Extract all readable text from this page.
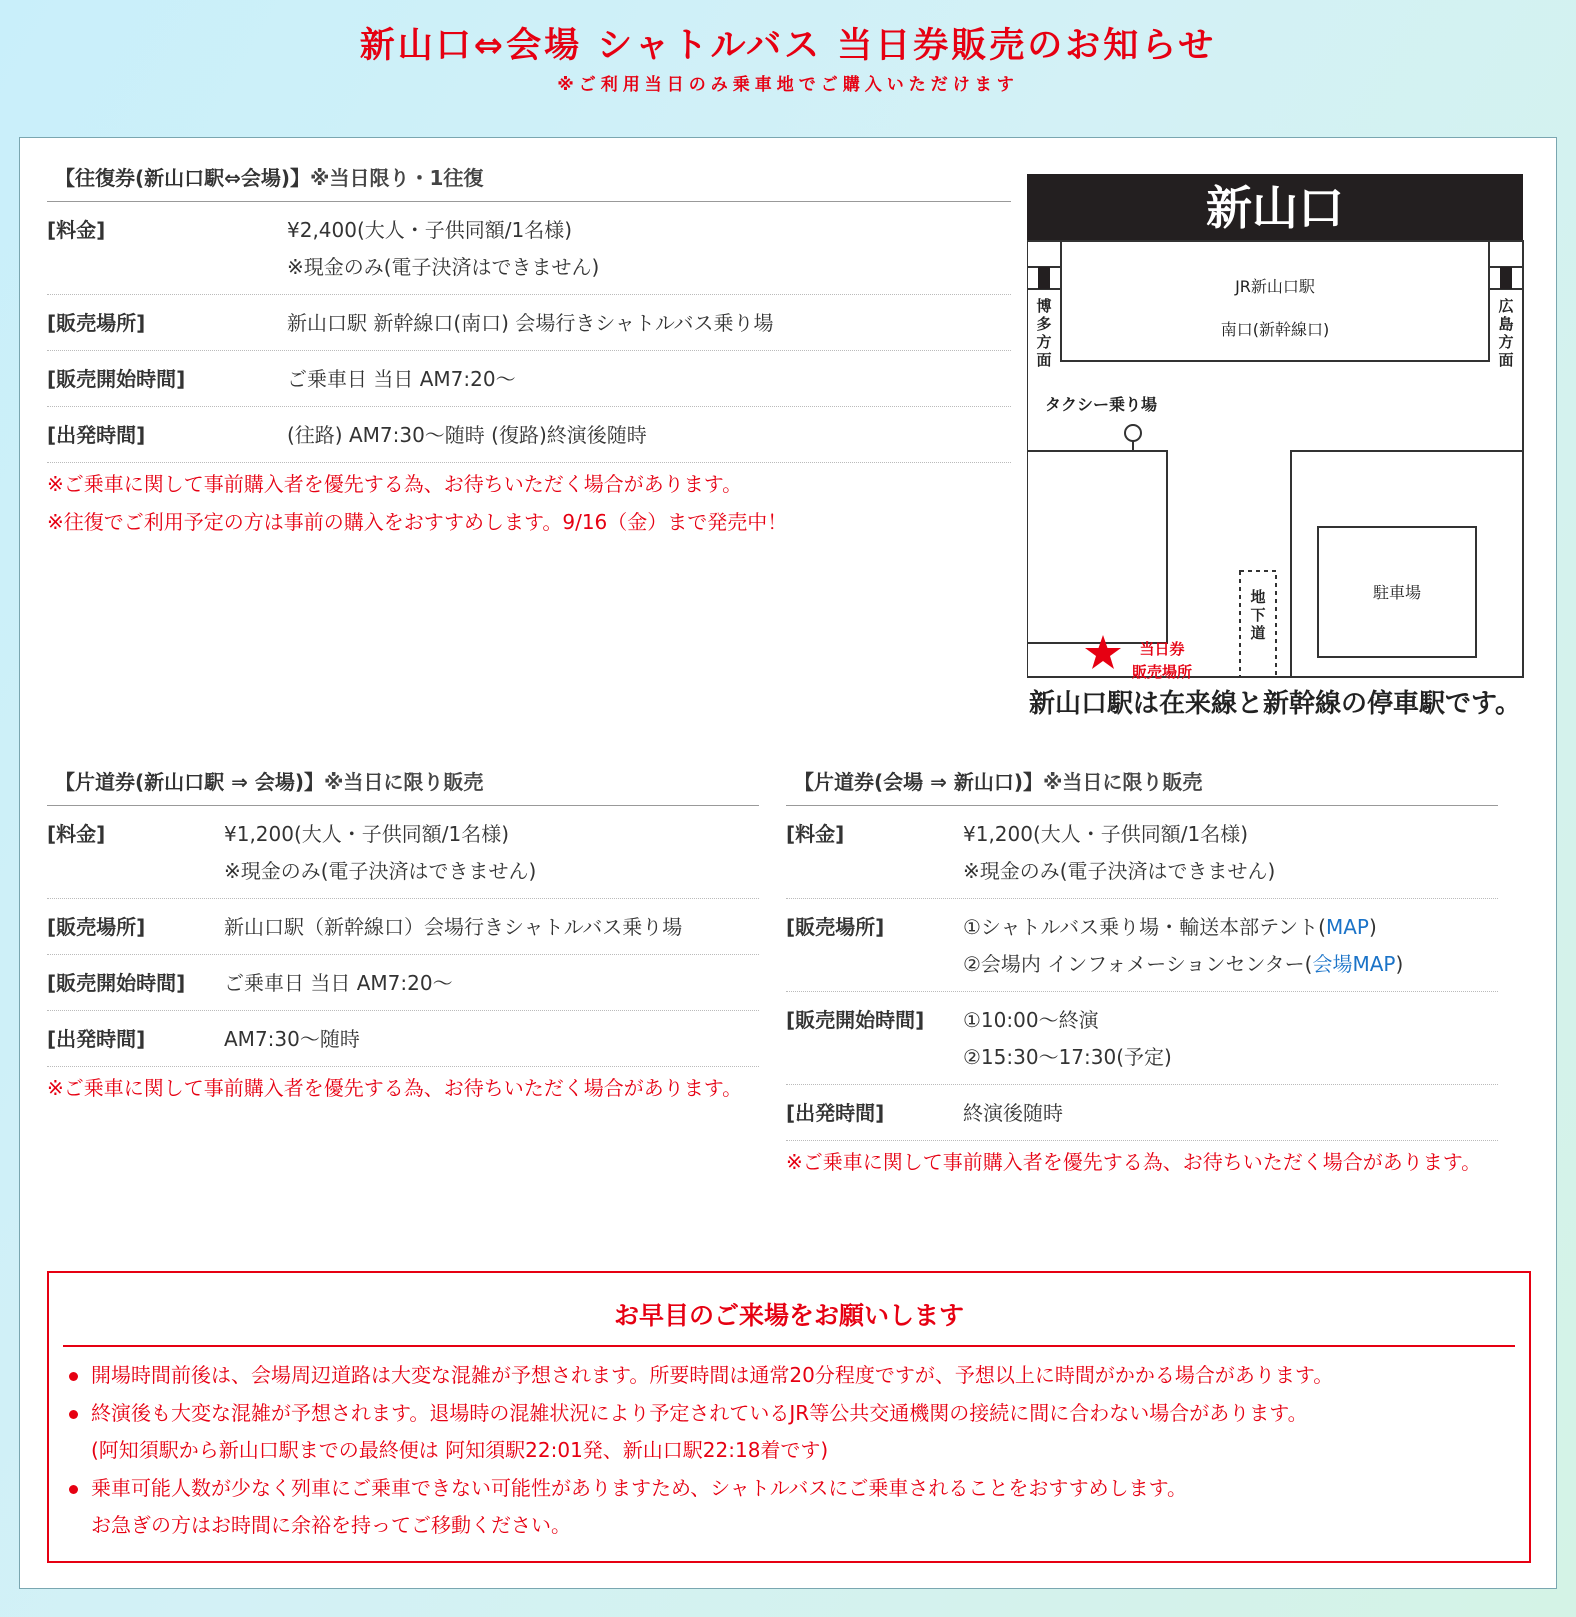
新山口⇔会場 シャトルバス 当日券販売のお知らせ
※ご利用当日のみ乗車地でご購入いただけます
【往復券(新山口駅⇔会場)】※当日限り・1往復
[料金]	¥2,400(大人・子供同額/1名様)
※現金のみ(電子決済はできません)
[販売場所]	新山口駅 新幹線口(南口) 会場行きシャトルバス乗り場
[販売開始時間]	ご乗車日 当日 AM7:20～
[出発時間]	(往路) AM7:30～随時 (復路)終演後随時
※ご乗車に関して事前購入者を優先する為、お待ちいただく場合があります。
※往復でご利用予定の方は事前の購入をおすすめします。9/16（金）まで発売中！
新山口
JR新山口駅
南口(新幹線口)
博多方面
広島方面
タクシー乗り場
駐車場
地下道
当日券
販売場所
新山口駅は在来線と新幹線の停車駅です。
【片道券(新山口駅 ⇒ 会場)】※当日に限り販売
[料金]	¥1,200(大人・子供同額/1名様)
※現金のみ(電子決済はできません)
[販売場所]	新山口駅（新幹線口）会場行きシャトルバス乗り場
[販売開始時間]	ご乗車日 当日 AM7:20～
[出発時間]	AM7:30～随時
※ご乗車に関して事前購入者を優先する為、お待ちいただく場合があります。
【片道券(会場 ⇒ 新山口)】※当日に限り販売
[料金]	¥1,200(大人・子供同額/1名様)
※現金のみ(電子決済はできません)
[販売場所]	①シャトルバス乗り場・輸送本部テント(MAP)
②会場内 インフォメーションセンター(会場MAP)
[販売開始時間]	①10:00～終演
②15:30～17:30(予定)
[出発時間]	終演後随時
※ご乗車に関して事前購入者を優先する為、お待ちいただく場合があります。
お早目のご来場をお願いします
開場時間前後は、会場周辺道路は大変な混雑が予想されます。所要時間は通常20分程度ですが、予想以上に時間がかかる場合があります。
終演後も大変な混雑が予想されます。退場時の混雑状況により予定されているJR等公共交通機関の接続に間に合わない場合があります。
(阿知須駅から新山口駅までの最終便は 阿知須駅22:01発、新山口駅22:18着です)
乗車可能人数が少なく列車にご乗車できない可能性がありますため、シャトルバスにご乗車されることをおすすめします。
お急ぎの方はお時間に余裕を持ってご移動ください。
